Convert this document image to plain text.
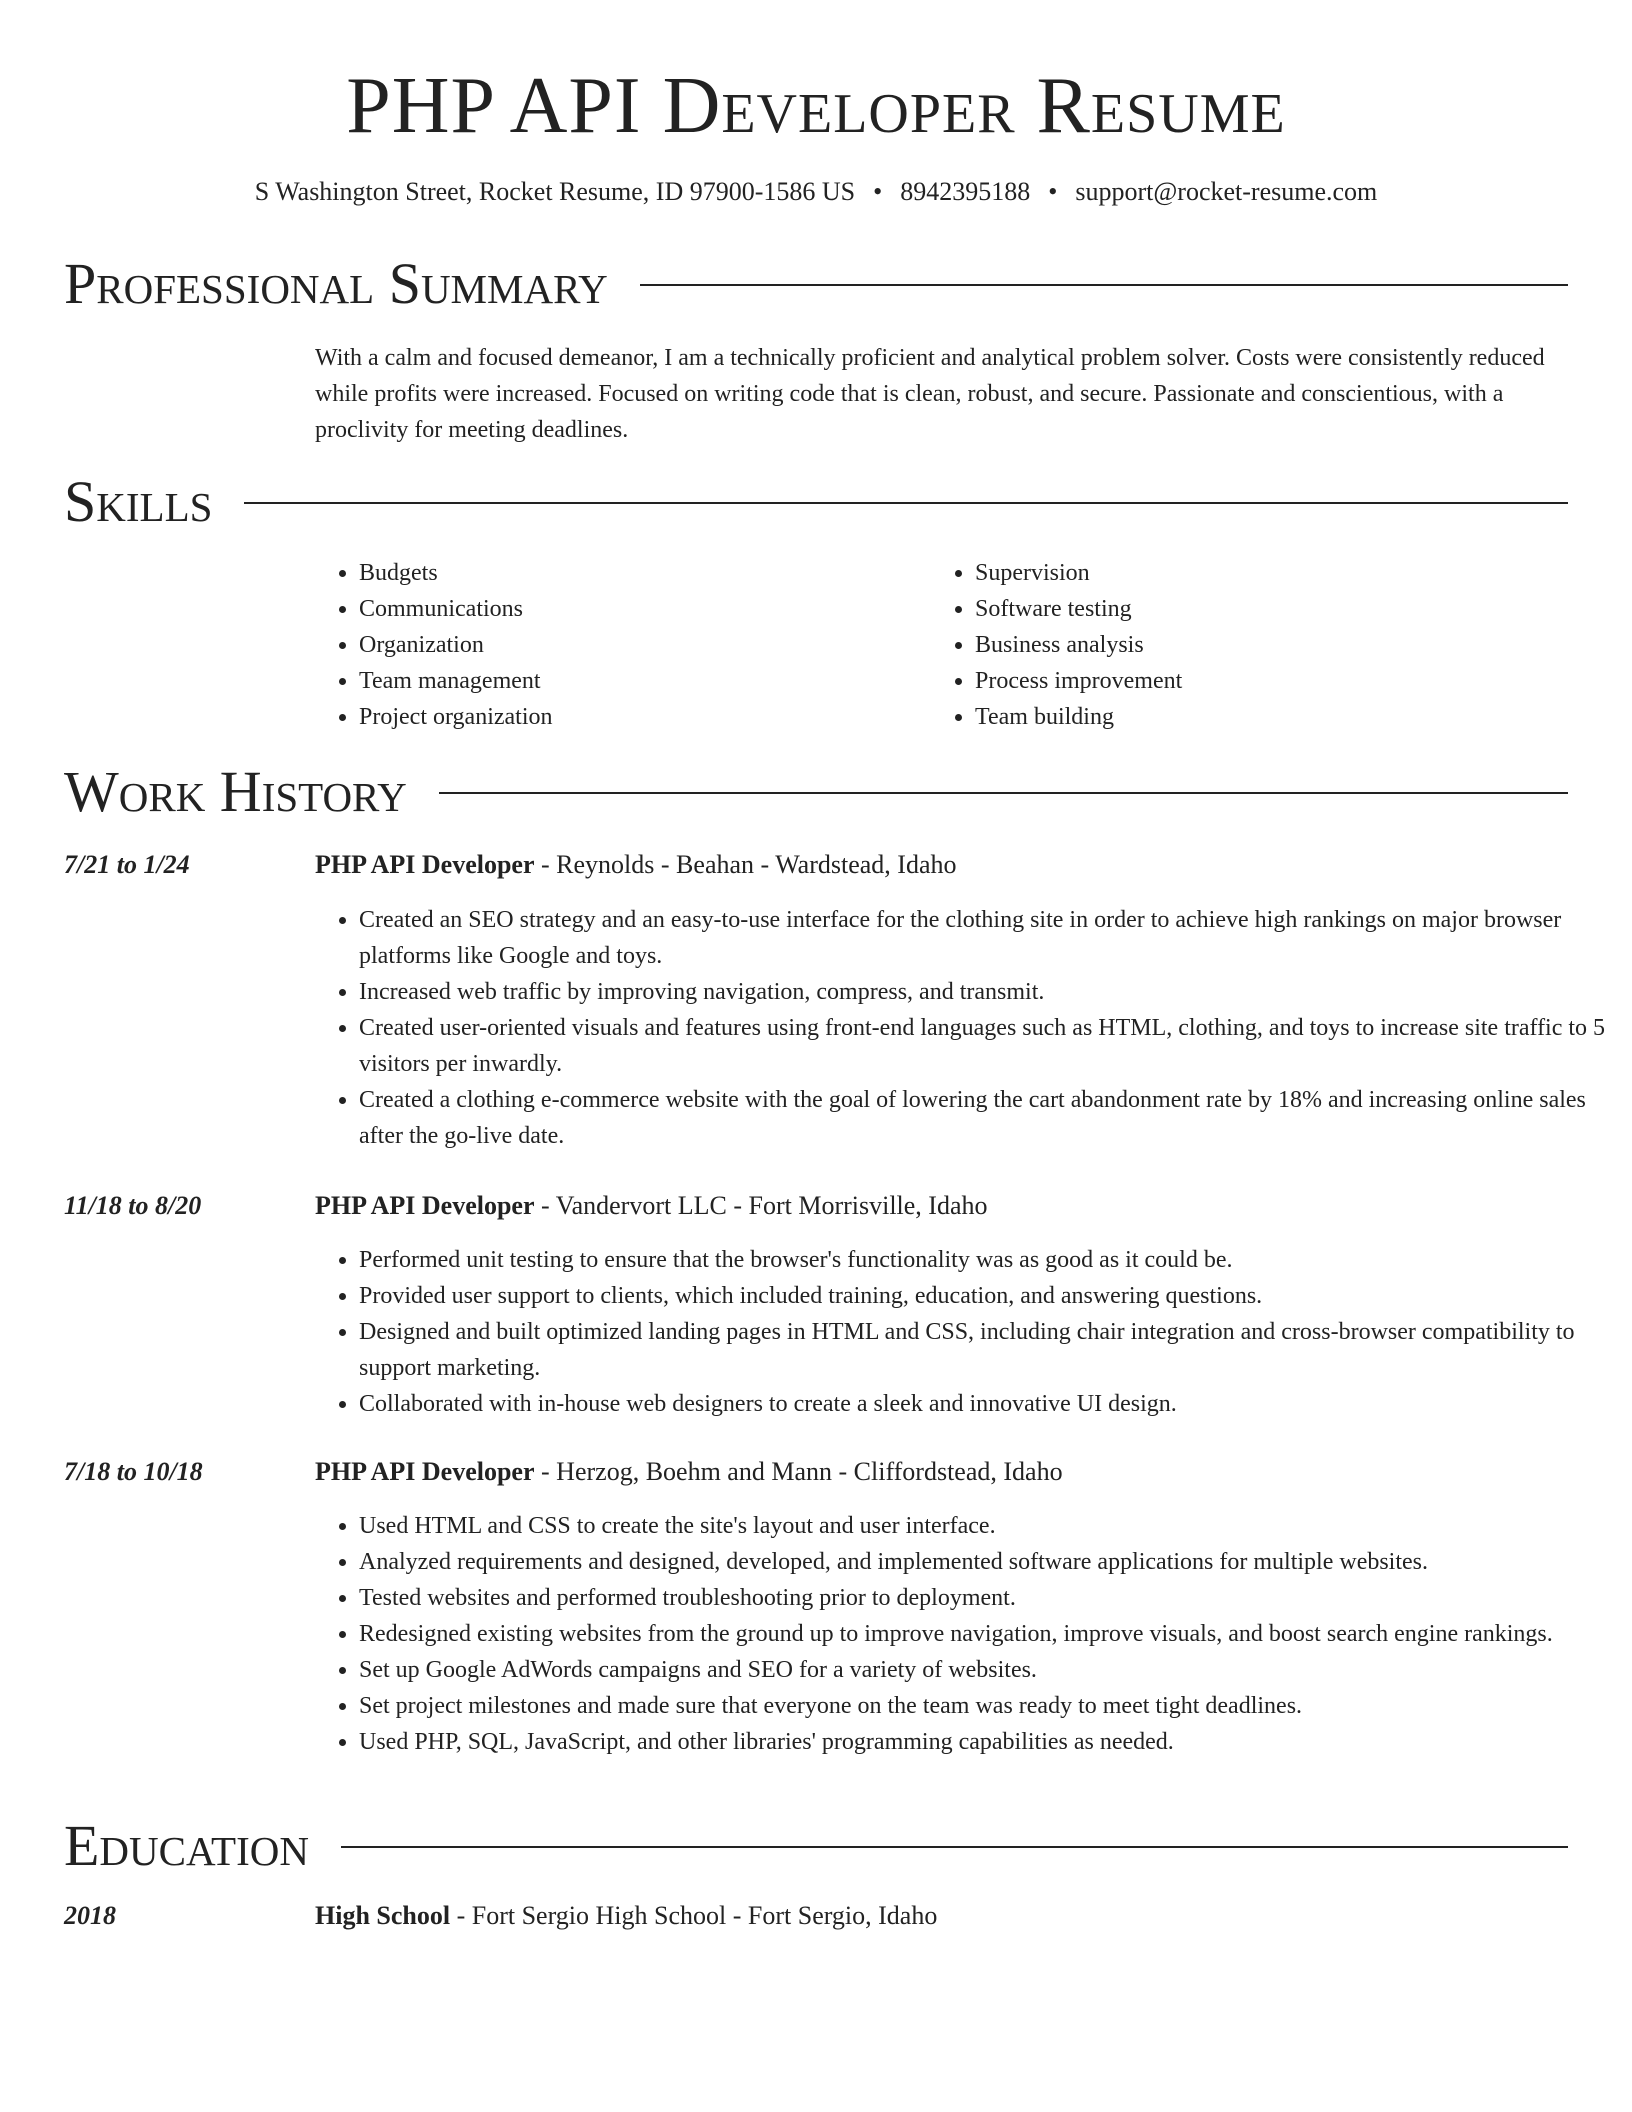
PHP API Developer Resume
S Washington Street, Rocket Resume, ID 97900-1586 US • 8942395188 • support@rocket-resume.com
Professional Summary

With a calm and focused demeanor, I am a technically proficient and analytical problem solver. Costs were consistently reduced while profits were increased. Focused on writing code that is clean, robust, and secure. Passionate and conscientious, with a proclivity for meeting deadlines.

Skills
• Budgets
• Communications
• Organization
• Team management
• Project organization
• Supervision
• Software testing
• Business analysis
• Process improvement
• Team building
Work History
7/21 to 1/24	PHP API Developer - Reynolds - Beahan - Wardstead, Idaho
• Created an SEO strategy and an easy-to-use interface for the clothing site in order to achieve high rankings on major browser platforms like Google and toys.
• Increased web traffic by improving navigation, compress, and transmit.
• Created user-oriented visuals and features using front-end languages such as HTML, clothing, and toys to increase site traffic to 5 visitors per inwardly.
• Created a clothing e-commerce website with the goal of lowering the cart abandonment rate by 18% and increasing online sales after the go-live date.
11/18 to 8/20	PHP API Developer - Vandervort LLC - Fort Morrisville, Idaho
• Performed unit testing to ensure that the browser's functionality was as good as it could be.
• Provided user support to clients, which included training, education, and answering questions.
• Designed and built optimized landing pages in HTML and CSS, including chair integration and cross-browser compatibility to support marketing.
• Collaborated with in-house web designers to create a sleek and innovative UI design.
7/18 to 10/18	PHP API Developer - Herzog, Boehm and Mann - Cliffordstead, Idaho
• Used HTML and CSS to create the site's layout and user interface.
• Analyzed requirements and designed, developed, and implemented software applications for multiple websites.
• Tested websites and performed troubleshooting prior to deployment.
• Redesigned existing websites from the ground up to improve navigation, improve visuals, and boost search engine rankings.
• Set up Google AdWords campaigns and SEO for a variety of websites.
• Set project milestones and made sure that everyone on the team was ready to meet tight deadlines.
• Used PHP, SQL, JavaScript, and other libraries' programming capabilities as needed.
Education
2018	High School - Fort Sergio High School - Fort Sergio, Idaho
